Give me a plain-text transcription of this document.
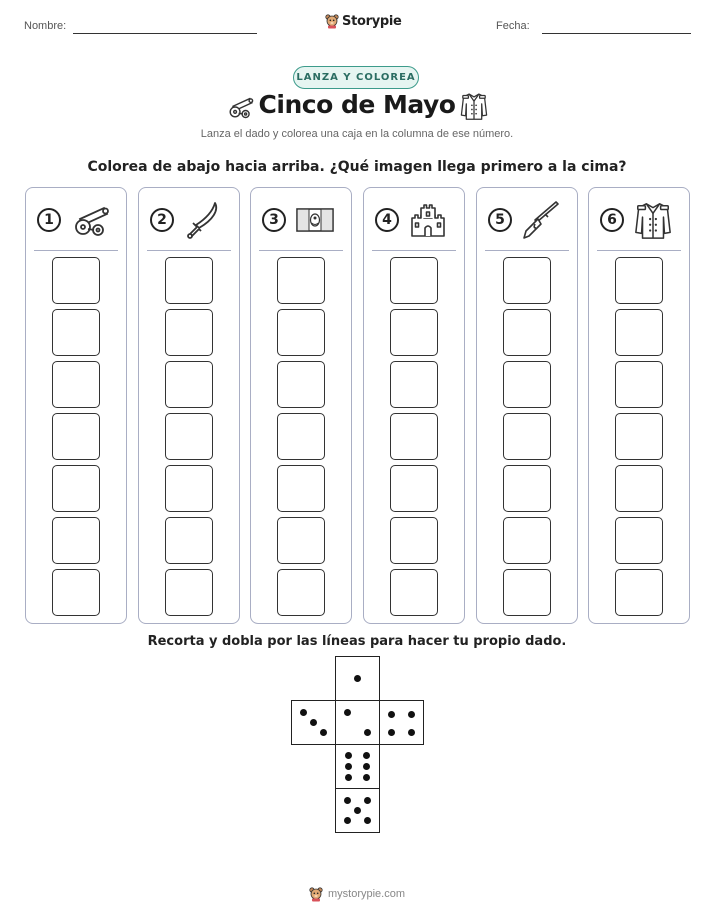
Nombre:	Storypie	Fecha:
LANZA Y COLOREA
Cinco de Mayo
Lanza el dado y colorea una caja en la columna de ese número.
Colorea de abajo hacia arriba. ¿Qué imagen llega primero a la cima?
1	2	3	4	5	6
Recorta y dobla por las líneas para hacer tu propio dado.
mystorypie.com
